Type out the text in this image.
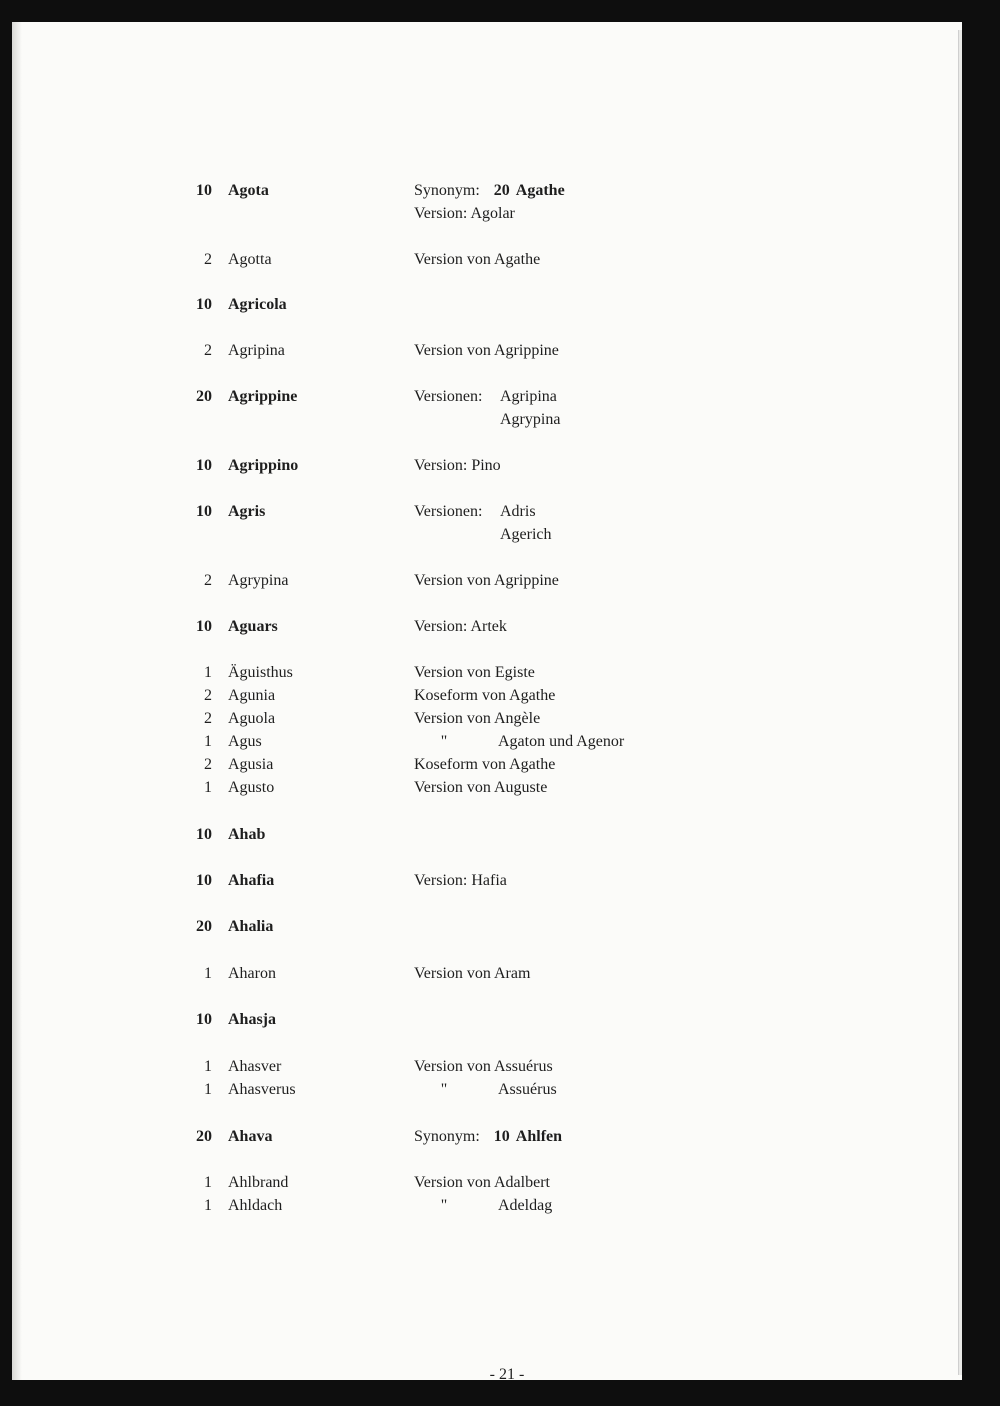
10 Agota	Synonym: 20 Agathe
Version: Agolar
2 Agotta	Version von Agathe
10 Agricola
2 Agripina	Version von Agrippine
20 Agrippine	Versionen: Agripina
Agrypina
10 Agrippino	Version: Pino
10 Agris	Versionen: Adris
Agerich
2 Agrypina	Version von Agrippine
10 Aguars	Version: Artek
1 Äguisthus	Version von Egiste
2 Agunia	Koseform von Agathe
2 Aguola	Version von Angèle
1 Agus	"	Agaton und Agenor
2 Agusia	Koseform von Agathe
1 Agusto	Version von Auguste
10 Ahab
10 Ahafia	Version: Hafia
20 Ahalia
1 Aharon	Version von Aram
10 Ahasja
1 Ahasver	Version von Assuérus
1 Ahasverus	"	Assuérus
20 Ahava	Synonym: 10 Ahlfen
1 Ahlbrand	Version von Adalbert
1 Ahldach	"	Adeldag
- 21 -
